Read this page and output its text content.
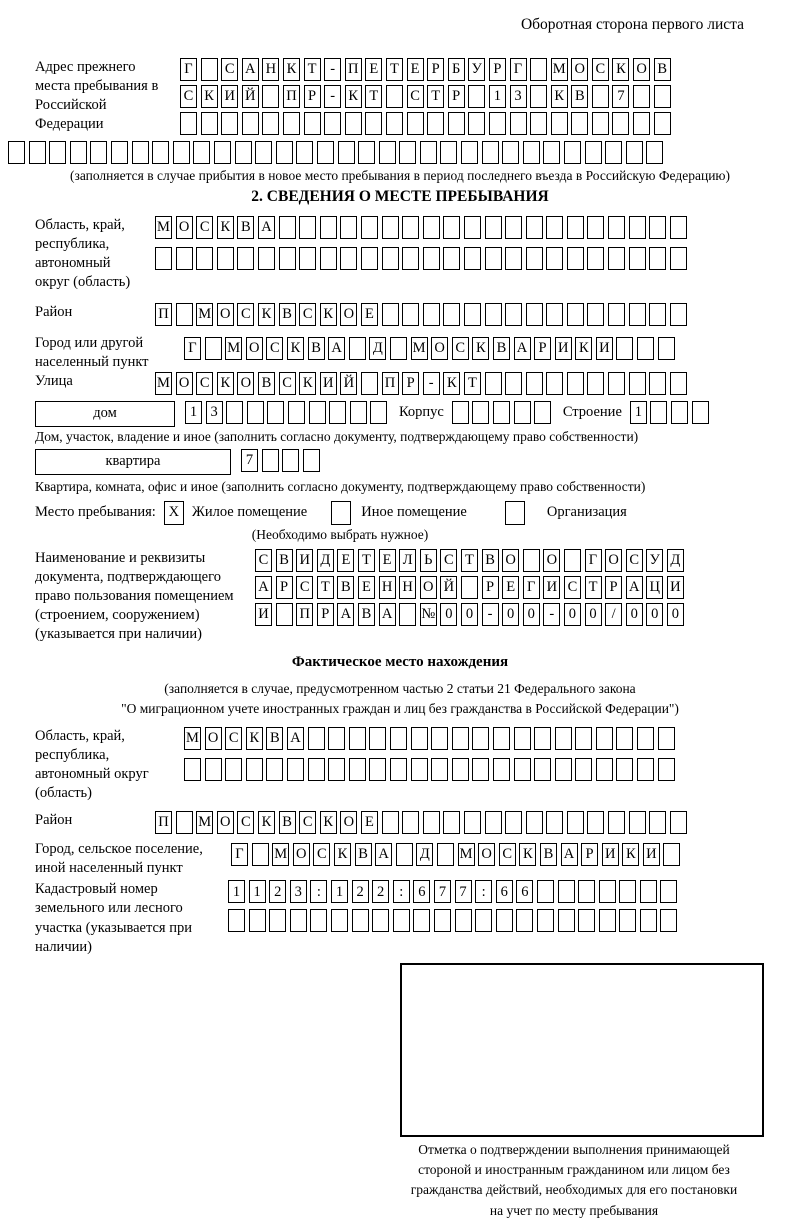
Оборотная сторона первого листа
Адрес прежнего места пребывания в Российской Федерации
Г С А Н К Т - П Е Т Е Р Б У Р Г М О С К О В
С К И Й П Р - К Т С Т Р	1 3	К В	7
(заполняется в случае прибытия в новое место пребывания в период последнего въезда в Российскую Федерацию)
2. СВЕДЕНИЯ О МЕСТЕ ПРЕБЫВАНИЯ
Область, край, республика, автономный округ (область)
М О С К В А
Район	П М О С К В С К О Е
Город или другой населенный пункт
Г М О С К В А Д М О С К В А Р И К И
Улица	М О С К О В С К И Й П Р - К Т
дом	1 3	Корпус	Строение 1
Дом, участок, владение и иное (заполнить согласно документу, подтверждающему право собственности)
квартира	7
Квартира, комната, офис и иное (заполнить согласно документу, подтверждающему право собственности)
Место пребывания: X Жилое помещение	Иное помещение	Организация
(Необходимо выбрать нужное)
Наименование и реквизиты документа, подтверждающего право пользования помещением (строением, сооружением) (указывается при наличии)
С В И Д Е Т Е Л Ь С Т В О О Г О С У Д
А Р С Т В Е Н Н О Й	Р Е Г И С Т Р А Ц И
И П Р А В А № 0 0	-	0 0	-	0 0	/	0 0 0
Фактическое место нахождения
(заполняется в случае, предусмотренном частью 2 статьи 21 Федерального закона
"О миграционном учете иностранных граждан и лиц без гражданства в Российской Федерации")
Область, край, республика, автономный округ (область)
М О С К В А
Район	П М О С К В С К О Е
Город, сельское поселение, иной населенный пункт
Г М О С К В А Д М О С К В А Р И К И
Кадастровый номер земельного или лесного участка (указывается при наличии)
1 1 2 3	:	1 2 2	:	6 7 7	:	6 6
Отметка о подтверждении выполнения принимающей
стороной и иностранным гражданином или лицом без
гражданства действий, необходимых для его постановки
на учет по месту пребывания
